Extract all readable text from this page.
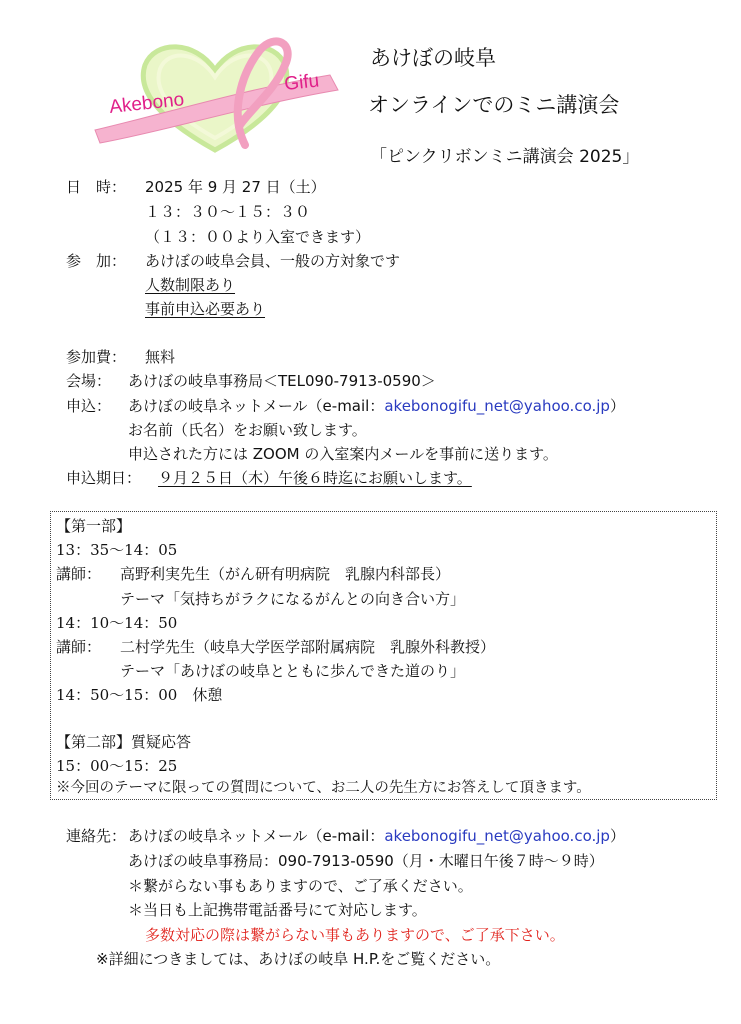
Akebono
Gifu
あけぼの岐阜
オンラインでのミニ講演会
「ピンクリボンミニ講演会 2025」
日　時： 2025 年 9 月 27 日（土）
１３：３０〜１５：３０
（１３：００より入室できます）
参　加： あけぼの岐阜会員、一般の方対象です
人数制限あり
事前申込必要あり
参加費： 無料
会場： あけぼの岐阜事務局＜TEL090-7913-0590＞
申込： あけぼの岐阜ネットメール（e-mail：akebonogifu_net@yahoo.co.jp）
お名前（氏名）をお願い致します。
申込された方には ZOOM の入室案内メールを事前に送ります。
申込期日： ９月２５日（木）午後６時迄にお願いします。
【第一部】
13：35～14：05
講師： 高野利実先生（がん研有明病院　乳腺内科部長）
テーマ「気持ちがラクになるがんとの向き合い方」
14：10～14：50
講師： 二村学先生（岐阜大学医学部附属病院　乳腺外科教授）
テーマ「あけぼの岐阜とともに歩んできた道のり」
14：50～15：00　休憩
【第二部】質疑応答
15：00～15：25
※今回のテーマに限っての質問について、お二人の先生方にお答えして頂きます。
連絡先： あけぼの岐阜ネットメール（e-mail：akebonogifu_net@yahoo.co.jp）
あけぼの岐阜事務局：090-7913-0590（月・木曜日午後７時〜９時）
＊繋がらない事もありますので、ご了承ください。
＊当日も上記携帯電話番号にて対応します。
多数対応の際は繋がらない事もありますので、ご了承下さい。
※詳細につきましては、あけぼの岐阜 H.P.をご覧ください。
